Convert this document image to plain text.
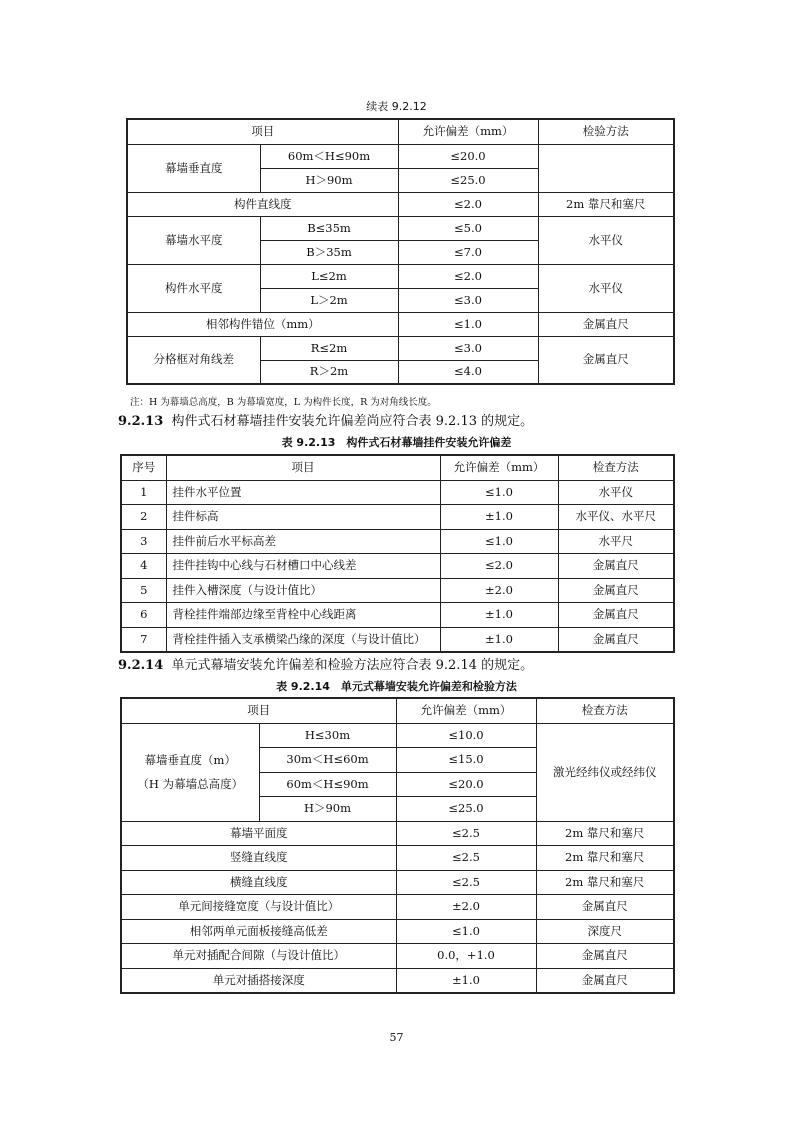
续表 9.2.12
项目		允许偏差（mm）	检验方法
幕墙垂直度	60m＜H≤90m	≤20.0	
	H＞90m	≤25.0	
构件直线度		≤2.0	2m 靠尺和塞尺
幕墙水平度	B≤35m	≤5.0	水平仪
	B＞35m	≤7.0	
构件水平度	L≤2m	≤2.0	水平仪
	L＞2m	≤3.0	
相邻构件错位（mm）		≤1.0	金属直尺
分格框对角线差	R≤2m	≤3.0	金属直尺
	R＞2m	≤4.0	
注：H 为幕墙总高度，B 为幕墙宽度，L 为构件长度，R 为对角线长度。
9.2.13 构件式石材幕墙挂件安装允许偏差尚应符合表 9.2.13 的规定。
表 9.2.13　构件式石材幕墙挂件安装允许偏差
序号	项目	允许偏差（mm）	检查方法
1	挂件水平位置	≤1.0	水平仪
2	挂件标高	±1.0	水平仪、水平尺
3	挂件前后水平标高差	≤1.0	水平尺
4	挂件挂钩中心线与石材槽口中心线差	≤2.0	金属直尺
5	挂件入槽深度（与设计值比）	±2.0	金属直尺
6	背栓挂件端部边缘至背栓中心线距离	±1.0	金属直尺
7	背栓挂件插入支承横梁凸缘的深度（与设计值比）	±1.0	金属直尺
9.2.14 单元式幕墙安装允许偏差和检验方法应符合表 9.2.14 的规定。
表 9.2.14　单元式幕墙安装允许偏差和检验方法
项目		允许偏差（mm）	检查方法

幕墙垂直度（m）
（H 为幕墙总高度）	H≤30m	≤10.0	激光经纬仪或经纬仪
	30m＜H≤60m	≤15.0	
	60m＜H≤90m	≤20.0	
	H＞90m	≤25.0	
幕墙平面度		≤2.5	2m 靠尺和塞尺
竖缝直线度		≤2.5	2m 靠尺和塞尺
横缝直线度		≤2.5	2m 靠尺和塞尺
单元间接缝宽度（与设计值比）		±2.0	金属直尺
相邻两单元面板接缝高低差		≤1.0	深度尺
单元对插配合间隙（与设计值比）		0.0，+1.0	金属直尺
单元对插搭接深度		±1.0	金属直尺
57
